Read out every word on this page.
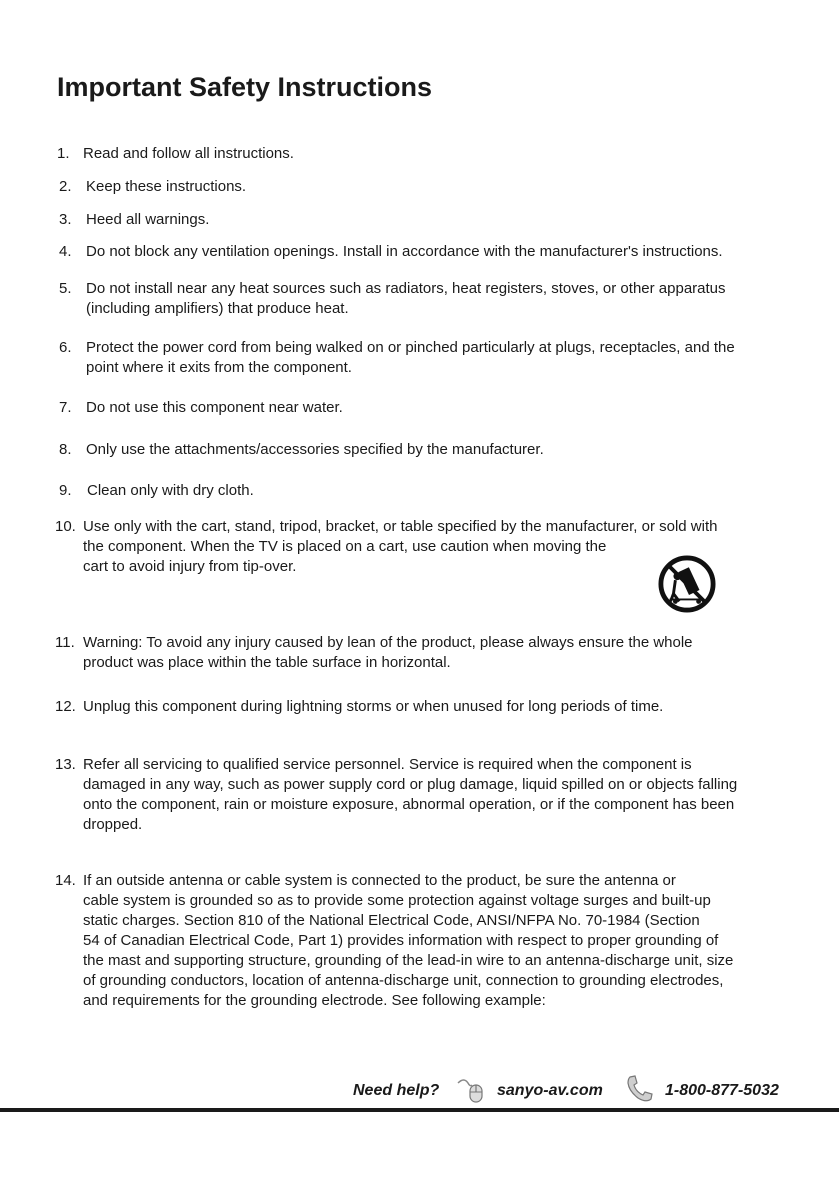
Important Safety Instructions
1. Read and follow all instructions.
2. Keep these instructions.
3. Heed all warnings.
4. Do not block any ventilation openings. Install in accordance with the manufacturer's instructions.
5. Do not install near any heat sources such as radiators, heat registers, stoves, or other apparatus
(including amplifiers) that produce heat.
6. Protect the power cord from being walked on or pinched particularly at plugs, receptacles, and the
point where it exits from the component.
7. Do not use this component near water.
8. Only use the attachments/accessories specified by the manufacturer.
9. Clean only with dry cloth.
10. Use only with the cart, stand, tripod, bracket, or table specified by the manufacturer, or sold with
the component. When the TV is placed on a cart, use caution when moving the
cart to avoid injury from tip-over.
11. Warning: To avoid any injury caused by lean of the product, please always ensure the whole
product was place within the table surface in horizontal.
12. Unplug this component during lightning storms or when unused for long periods of time.
13. Refer all servicing to qualified service personnel. Service is required when the component is
damaged in any way, such as power supply cord or plug damage, liquid spilled on or objects falling
onto the component, rain or moisture exposure, abnormal operation, or if the component has been
dropped.
14. If an outside antenna or cable system is connected to the product, be sure the antenna or
cable system is grounded so as to provide some protection against voltage surges and built-up
static charges. Section 810 of the National Electrical Code, ANSI/NFPA No. 70-1984 (Section
54 of Canadian Electrical Code, Part 1) provides information with respect to proper grounding of
the mast and supporting structure, grounding of the lead-in wire to an antenna-discharge unit, size
of grounding conductors, location of antenna-discharge unit, connection to grounding electrodes,
and requirements for the grounding electrode. See following example:
Need help?	sanyo-av.com	1-800-877-5032
